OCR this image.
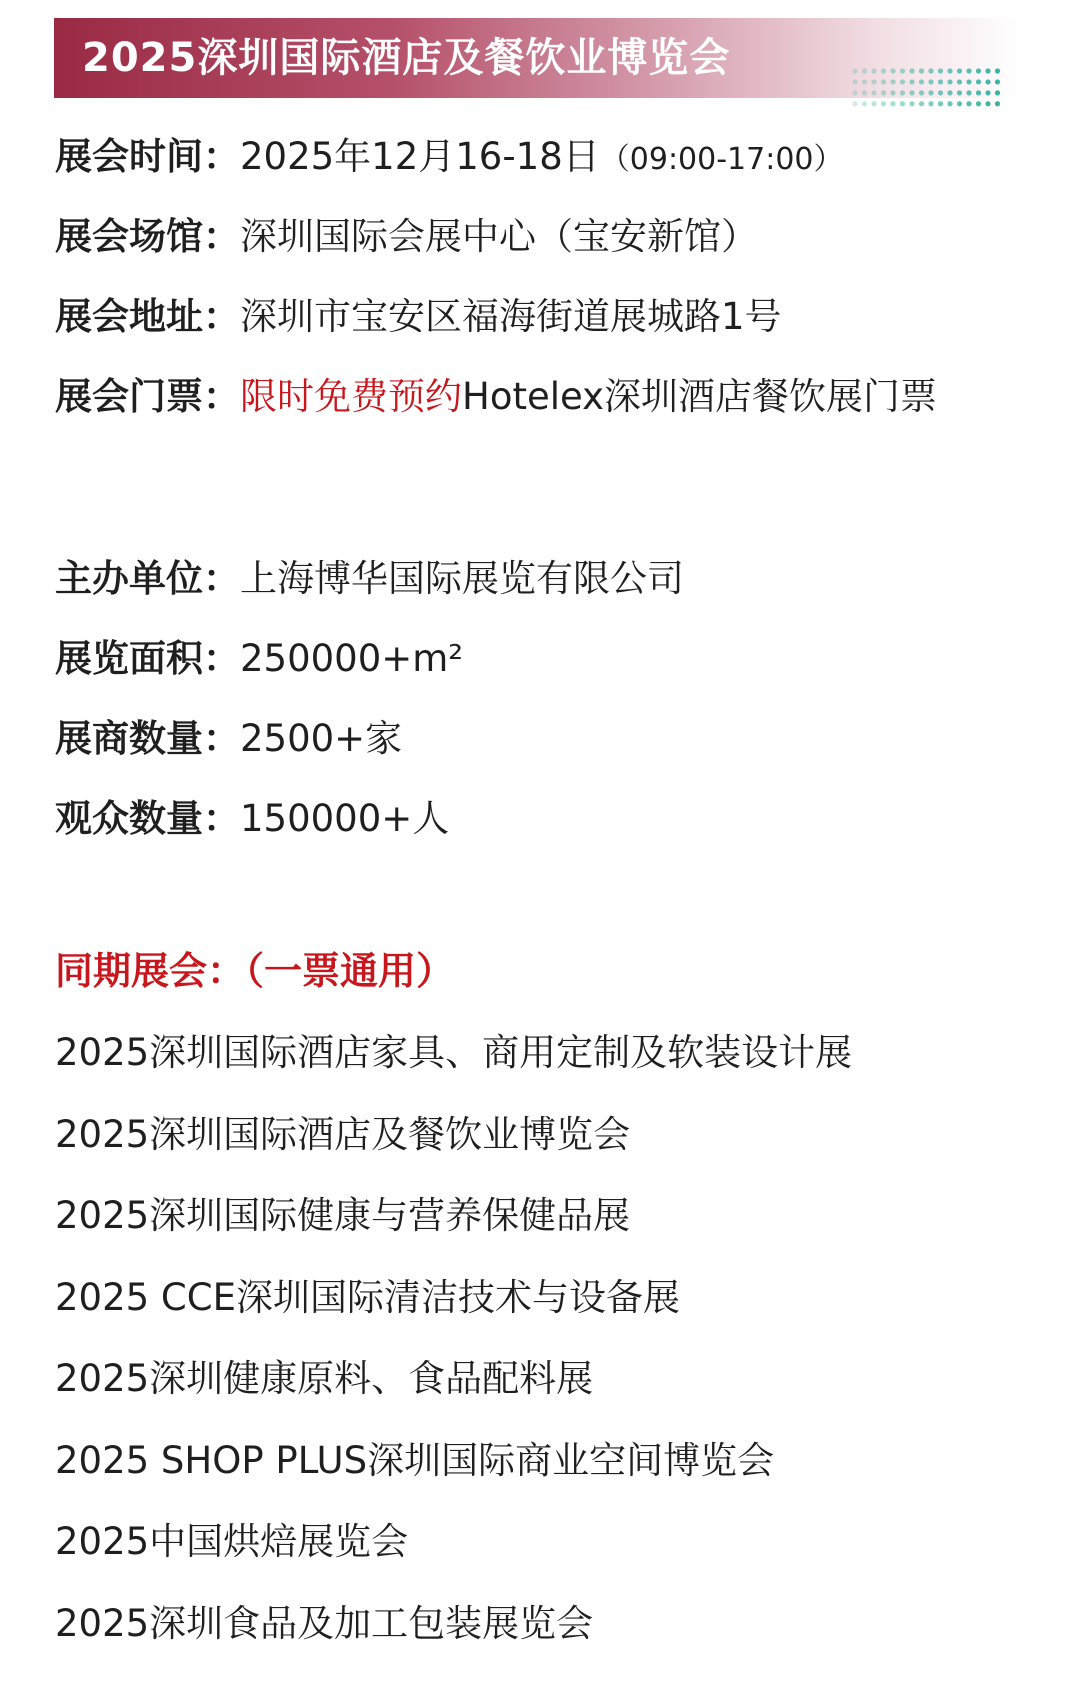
2025深圳国际酒店及餐饮业博览会
展会时间：2025年12月16-18日（09:00-17:00）
展会场馆：深圳国际会展中心（宝安新馆）
展会地址：深圳市宝安区福海街道展城路1号
展会门票：限时免费预约Hotelex深圳酒店餐饮展门票
主办单位：上海博华国际展览有限公司
展览面积：250000+m²
展商数量：2500+家
观众数量：150000+人
同期展会：（一票通用）
2025深圳国际酒店家具、商用定制及软装设计展
2025深圳国际酒店及餐饮业博览会
2025深圳国际健康与营养保健品展
2025 CCE深圳国际清洁技术与设备展
2025深圳健康原料、食品配料展
2025 SHOP PLUS深圳国际商业空间博览会
2025中国烘焙展览会
2025深圳食品及加工包装展览会
